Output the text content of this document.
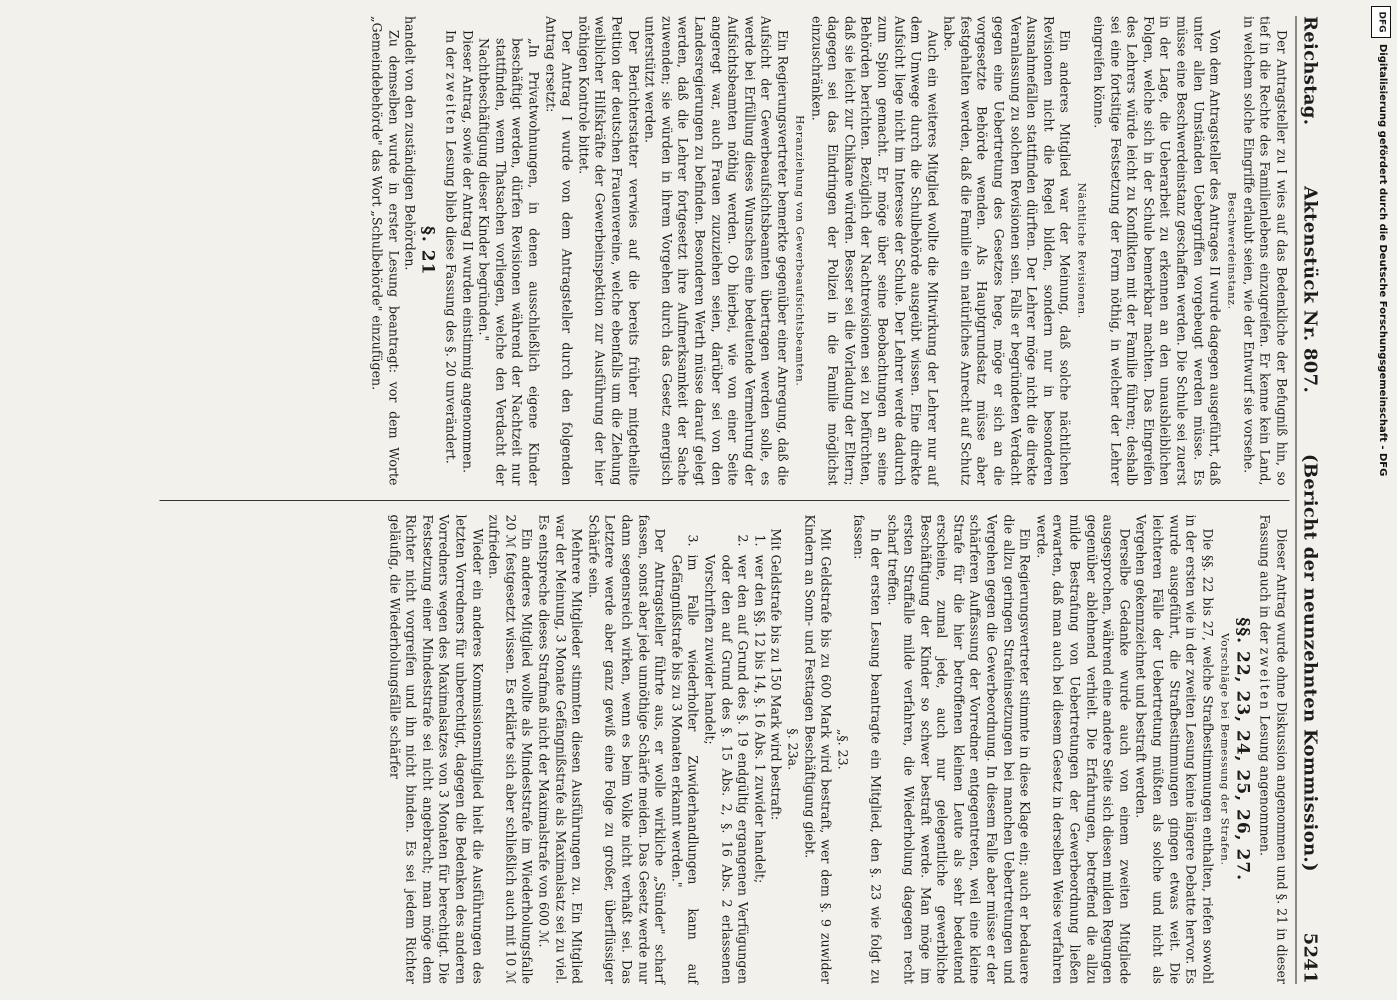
Reichstag.
Aktenstück Nr. 807.
(Bericht der neunzehnten Kommission.)
5241

Der Antragsteller zu I wies auf das Bedenkliche der Befugniß hin, so tief in die Rechte des Familienlebens einzugreifen. Er kenne kein Land, in welchem solche Eingriffe erlaubt seien, wie der Entwurf sie vorsehe.

Beschwerdeinstanz.

Von dem Antragsteller des Antrages II wurde dagegen ausgeführt, daß unter allen Umständen Uebergriffen vorgebeugt werden müsse. Es müsse eine Beschwerdeinstanz geschaffen werden. Die Schule sei zuerst in der Lage, die Ueberarbeit zu erkennen an den unausbleiblichen Folgen, welche sich in der Schule bemerkbar machten. Das Eingreifen des Lehrers würde leicht zu Konflikten mit der Familie führen; deshalb sei eine fortsitige Festsetzung der Form nöthig, in welcher der Lehrer eingreifen könne.

Nächtliche Revisionen.

Ein anderes Mitglied war der Meinung, daß solche nächtlichen Revisionen nicht die Regel bilden, sondern nur in besonderen Ausnahmefällen stattfinden dürften. Der Lehrer möge nicht die direkte Veranlassung zu solchen Revisionen sein. Falls er begründeten Verdacht gegen eine Uebertretung des Gesetzes hege, möge er sich an die vorgesetzte Behörde wenden. Als Hauptgrundsatz müsse aber festgehalten werden, daß die Familie ein natürliches Anrecht auf Schutz habe.

Auch ein weiteres Mitglied wollte die Mitwirkung der Lehrer nur auf dem Umwege durch die Schulbehörde ausgeübt wissen. Eine direkte Aufsicht liege nicht im Interesse der Schule. Der Lehrer werde dadurch zum Spion gemacht. Er möge über seine Beobachtungen an seine Behörden berichten. Bezüglich der Nachtrevisionen sei zu befürchten, daß sie leicht zur Chikane würden. Besser sei die Vorladung der Eltern; dagegen sei das Eindringen der Polizei in die Familie möglichst einzuschränken.

Heranziehung von Gewerbeaufsichtsbeamten.

Ein Regierungsvertreter bemerkte gegenüber einer Anregung, daß die Aufsicht der Gewerbeaufsichtsbeamten übertragen werden solle, es werde bei Erfüllung dieses Wunsches eine bedeutende Vermehrung der Aufsichtsbeamten nöthig werden. Ob hierbei, wie von einer Seite angeregt war, auch Frauen zuzuziehen seien, darüber sei von den Landesregierungen zu befinden. Besonderen Werth müsse darauf gelegt werden, daß die Lehrer fortgesetzt ihre Aufmerksamkeit der Sache zuwenden; sie würden in ihrem Vorgehen durch das Gesetz energisch unterstützt werden.

Der Berichterstatter verwies auf die bereits früher mitgetheilte Petition der deutschen Frauenvereine, welche ebenfalls um die Ziehung weiblicher Hilfskräfte der Gewerbeinspektion zur Ausführung der hier nöthigen Kontrole bittet.

Der Antrag I wurde von dem Antragsteller durch den folgenden Antrag ersetzt:

„In Privatwohnungen, in denen ausschließlich eigene Kinder beschäftigt werden, dürfen Revisionen während der Nachtzeit nur stattfinden, wenn Thatsachen vorliegen, welche den Verdacht der Nachtbeschäftigung dieser Kinder begründen."

Dieser Antrag, sowie der Antrag II wurden einstimmig angenommen.

In der zweiten Lesung blieb diese Fassung des §. 20 unverändert.

§. 21

handelt von den zuständigen Behörden.

Zu demselben wurde in erster Lesung beantragt: vor dem Worte „Gemeindebehörde" das Wort „Schulbehörde" einzufügen.

Dieser Antrag wurde ohne Diskussion angenommen und §. 21 in dieser Fassung auch in der zweiten Lesung angenommen.

§§. 22, 23, 24, 25, 26, 27.
Vorschläge bei Bemessung der Strafen.

Die §§. 22 bis 27, welche Strafbestimmungen enthalten, riefen sowohl in der ersten wie in der zweiten Lesung keine längere Debatte hervor. Es wurde ausgeführt, die Strafbestimmungen gingen etwas weit. Die leichteren Fälle der Uebertretung müßten als solche und nicht als Vergehen gekennzeichnet und bestraft werden.

Derselbe Gedanke wurde auch von einem zweiten Mitgliede ausgesprochen, während eine andere Seite sich diesen milden Regungen gegenüber ablehnend verhielt. Die Erfahrungen, betreffend die allzu milde Bestrafung von Uebertretungen der Gewerbeordnung ließen erwarten, daß man auch bei diesem Gesetz in derselben Weise verfahren werde.

Ein Regierungsvertreter stimmte in diese Klage ein; auch er bedauere die allzu geringen Strafeinsetzungen bei manchen Uebertretungen und Vergehen gegen die Gewerbeordnung. In diesem Falle aber müsse er der schärferen Auffassung der Vorredner entgegentreten, weil eine kleine Strafe für die hier betroffenen kleinen Leute als sehr bedeutend erscheine, zumal jede, auch nur gelegentliche gewerbliche Beschäftigung der Kinder so schwer bestraft werde. Man möge im ersten Straffalle milde verfahren, die Wiederholung dagegen recht scharf treffen.

In der ersten Lesung beantragte ein Mitglied, den §. 23 wie folgt zu fassen:

„§. 23.

Mit Geldstrafe bis zu 600 Mark wird bestraft, wer dem §. 9 zuwider Kindern an Sonn- und Festtagen Beschäftigung giebt.

§. 23a.

Mit Geldstrafe bis zu 150 Mark wird bestraft:

1.
wer den §§. 12 bis 14, §. 16 Abs. 1 zuwider handelt;
2.
wer den auf Grund des §. 19 endgültig ergangenen Verfügungen oder den auf Grund des §. 15 Abs. 2, §. 16 Abs. 2 erlassenen Vorschriften zuwider handelt;
3.
im Falle wiederholter Zuwiderhandlungen kann auf Gefängnißstrafe bis zu 3 Monaten erkannt werden."

Der Antragsteller führte aus, er wolle wirkliche „Sünder" scharf fassen, sonst aber jede unnöthige Schärfe meiden. Das Gesetz werde nur dann segensreich wirken, wenn es beim Volke nicht verhaßt sei. Das Letztere werde aber ganz gewiß eine Folge zu großer, überflüssiger Schärfe sein.

Mehrere Mitglieder stimmten diesen Ausführungen zu. Ein Mitglied war der Meinung, 3 Monate Gefängnißstrafe als Maximalsatz sei zu viel. Es entspreche dieses Strafmaß nicht der Maximalstrafe von 600 ℳ.

Ein anderes Mitglied wollte als Mindeststrafe im Wiederholungsfalle 20 ℳ festgesetzt wissen. Es erklärte sich aber schließlich auch mit 10 ℳ zufrieden.

Wieder ein anderes Kommissionsmitglied hielt die Ausführungen des letzten Vorredners für unberechtigt, dagegen die Bedenken des anderen Vorredners wegen des Maximalsatzes von 3 Monaten für berechtigt. Die Festsetzung einer Mindeststrafe sei nicht angebracht; man möge dem Richter nicht vorgreifen und ihn nicht binden. Es sei jedem Richter geläufig, die Wiederholungsfälle schärfer

DFG
Digitalisierung gefördert durch die Deutsche Forschungsgemeinschaft - DFG
